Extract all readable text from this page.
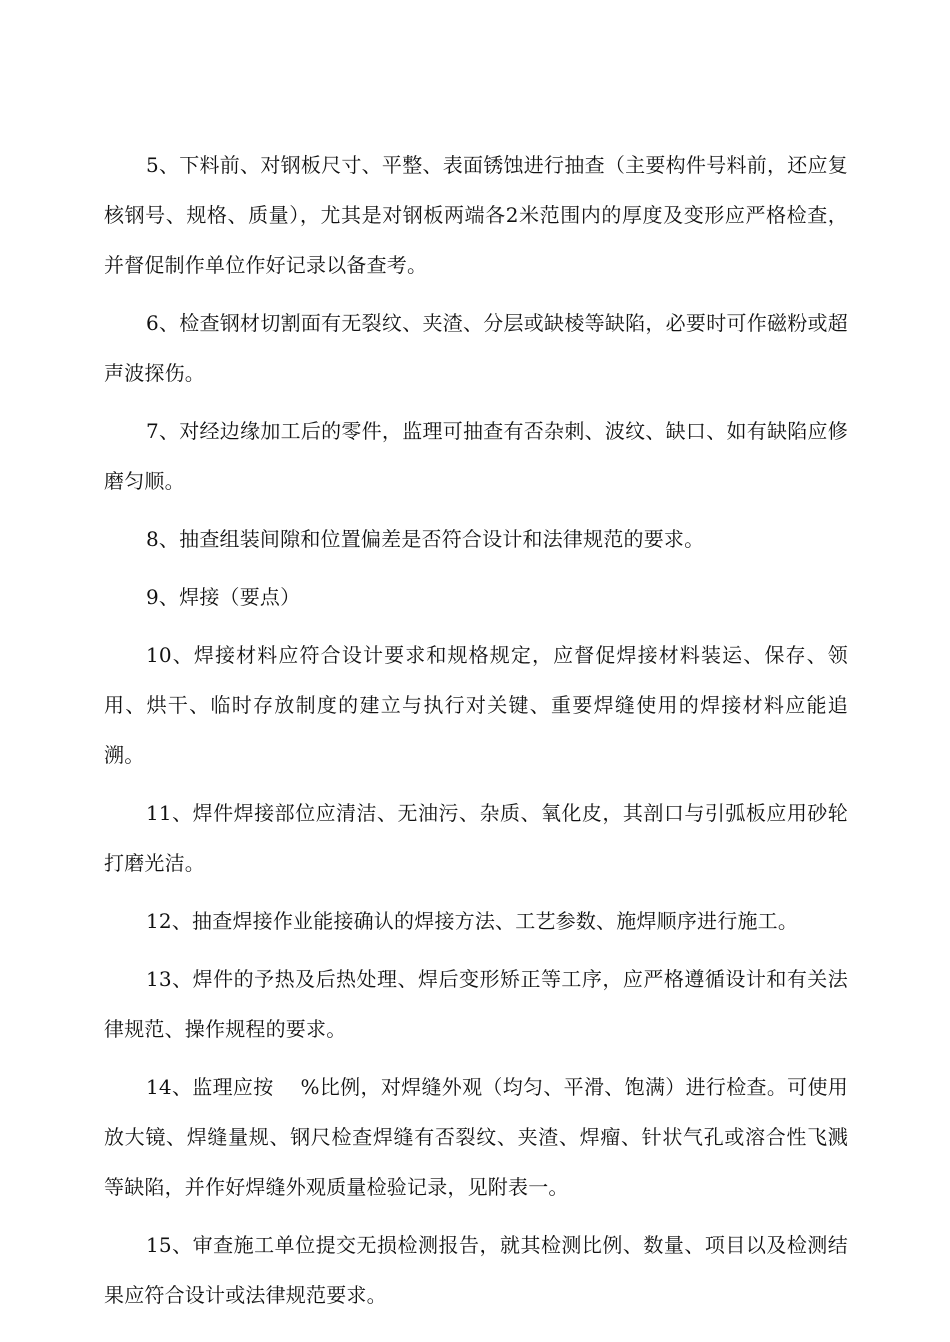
5、下料前、对钢板尺寸、平整、表面锈蚀进行抽查（主要构件号料前，还应复核钢号、规格、质量），尤其是对钢板两端各2米范围内的厚度及变形应严格检查，并督促制作单位作好记录以备查考。

6、检查钢材切割面有无裂纹、夹渣、分层或缺棱等缺陷，必要时可作磁粉或超声波探伤。

7、对经边缘加工后的零件，监理可抽查有否杂刺、波纹、缺口、如有缺陷应修磨匀顺。

8、抽查组装间隙和位置偏差是否符合设计和法律规范的要求。

9、焊接（要点）

10、焊接材料应符合设计要求和规格规定，应督促焊接材料装运、保存、领用、烘干、临时存放制度的建立与执行对关键、重要焊缝使用的焊接材料应能追溯。

11、焊件焊接部位应清洁、无油污、杂质、氧化皮，其剖口与引弧板应用砂轮打磨光洁。

12、抽查焊接作业能接确认的焊接方法、工艺参数、施焊顺序进行施工。

13、焊件的予热及后热处理、焊后变形矫正等工序，应严格遵循设计和有关法律规范、操作规程的要求。

14、监理应按　 %比例，对焊缝外观（均匀、平滑、饱满）进行检查。可使用放大镜、焊缝量规、钢尺检查焊缝有否裂纹、夹渣、焊瘤、针状气孔或溶合性飞溅等缺陷，并作好焊缝外观质量检验记录，见附表一。

15、审查施工单位提交无损检测报告，就其检测比例、数量、项目以及检测结果应符合设计或法律规范要求。
